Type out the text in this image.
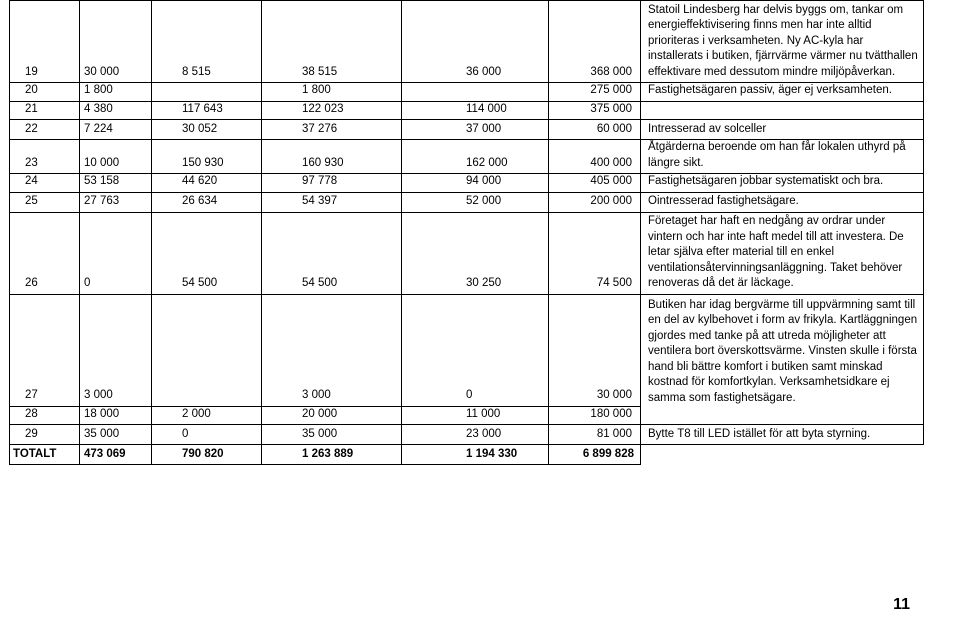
19	30 000	8 515	38 515	36 000	368 000	Statoil Lindesberg har delvis byggs om, tankar om energieffektivisering finns men har inte alltid prioriteras i verksamheten. Ny AC-kyla har installerats i butiken, fjärrvärme värmer nu tvätthallen effektivare med dessutom mindre miljöpåverkan.
20	1 800		1 800		275 000	Fastighetsägaren passiv, äger ej verksamheten.
21	4 380	117 643	122 023	114 000	375 000	
22	7 224	30 052	37 276	37 000	60 000	Intresserad av solceller
23	10 000	150 930	160 930	162 000	400 000	Åtgärderna beroende om han får lokalen uthyrd på längre sikt.
24	53 158	44 620	97 778	94 000	405 000	Fastighetsägaren jobbar systematiskt och bra.
25	27 763	26 634	54 397	52 000	200 000	Ointresserad fastighetsägare.
26	0	54 500	54 500	30 250	74 500	Företaget har haft en nedgång av ordrar under vintern och har inte haft medel till att investera. De letar själva efter material till en enkel ventilationsåtervinningsanläggning. Taket behöver renoveras då det är läckage.
27	3 000		3 000	0	30 000	Butiken har idag bergvärme till uppvärmning samt till en del av kylbehovet i form av frikyla. Kartläggningen gjordes med tanke på att utreda möjligheter att ventilera bort överskottsvärme. Vinsten skulle i första hand bli bättre komfort i butiken samt minskad kostnad för komfortkylan. Verksamhetsidkare ej samma som fastighetsägare.
28	18 000	2 000	20 000	11 000	180 000	
29	35 000	0	35 000	23 000	81 000	Bytte T8 till LED istället för att byta styrning.
TOTALT	473 069	790 820	1 263 889	1 194 330	6 899 828	
11
